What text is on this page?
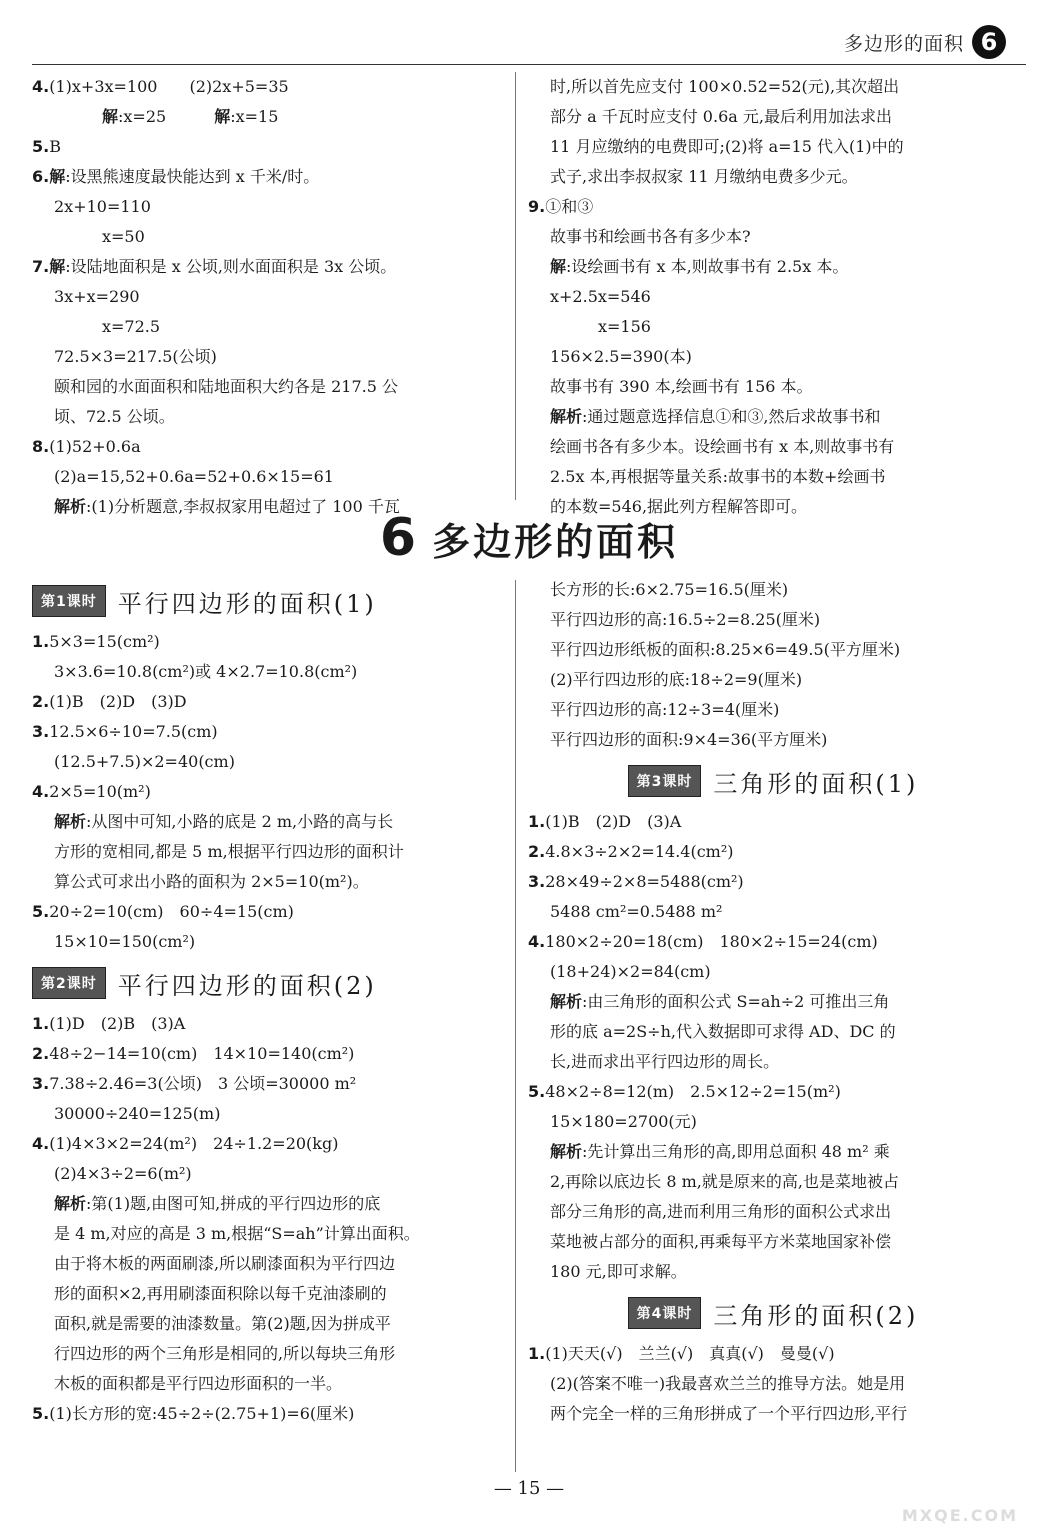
多边形的面积 6
4.(1)x+3x=100　　(2)2x+5=35
解:x=25　　　解:x=15
5.B
6.解:设黑熊速度最快能达到 x 千米/时。
2x+10=110
x=50
7.解:设陆地面积是 x 公顷,则水面面积是 3x 公顷。
3x+x=290
x=72.5
72.5×3=217.5(公顷)
颐和园的水面面积和陆地面积大约各是 217.5 公
顷、72.5 公顷。
8.(1)52+0.6a
(2)a=15,52+0.6a=52+0.6×15=61
解析:(1)分析题意,李叔叔家用电超过了 100 千瓦
时,所以首先应支付 100×0.52=52(元),其次超出
部分 a 千瓦时应支付 0.6a 元,最后利用加法求出
11 月应缴纳的电费即可;(2)将 a=15 代入(1)中的
式子,求出李叔叔家 11 月缴纳电费多少元。
9.①和③
故事书和绘画书各有多少本?
解:设绘画书有 x 本,则故事书有 2.5x 本。
x+2.5x=546
x=156
156×2.5=390(本)
故事书有 390 本,绘画书有 156 本。
解析:通过题意选择信息①和③,然后求故事书和
绘画书各有多少本。设绘画书有 x 本,则故事书有
2.5x 本,再根据等量关系:故事书的本数+绘画书
的本数=546,据此列方程解答即可。
6 多边形的面积
第1课时 平行四边形的面积(1)
1.5×3=15(cm²)
3×3.6=10.8(cm²)或 4×2.7=10.8(cm²)
2.(1)B　(2)D　(3)D
3.12.5×6÷10=7.5(cm)
(12.5+7.5)×2=40(cm)
4.2×5=10(m²)
解析:从图中可知,小路的底是 2 m,小路的高与长
方形的宽相同,都是 5 m,根据平行四边形的面积计
算公式可求出小路的面积为 2×5=10(m²)。
5.20÷2=10(cm)　60÷4=15(cm)
15×10=150(cm²)
第2课时 平行四边形的面积(2)
1.(1)D　(2)B　(3)A
2.48÷2−14=10(cm)　14×10=140(cm²)
3.7.38÷2.46=3(公顷)　3 公顷=30000 m²
30000÷240=125(m)
4.(1)4×3×2=24(m²)　24÷1.2=20(kg)
(2)4×3÷2=6(m²)
解析:第(1)题,由图可知,拼成的平行四边形的底
是 4 m,对应的高是 3 m,根据“S=ah”计算出面积。
由于将木板的两面刷漆,所以刷漆面积为平行四边
形的面积×2,再用刷漆面积除以每千克油漆刷的
面积,就是需要的油漆数量。第(2)题,因为拼成平
行四边形的两个三角形是相同的,所以每块三角形
木板的面积都是平行四边形面积的一半。
5.(1)长方形的宽:45÷2÷(2.75+1)=6(厘米)
长方形的长:6×2.75=16.5(厘米)
平行四边形的高:16.5÷2=8.25(厘米)
平行四边形纸板的面积:8.25×6=49.5(平方厘米)
(2)平行四边形的底:18÷2=9(厘米)
平行四边形的高:12÷3=4(厘米)
平行四边形的面积:9×4=36(平方厘米)
第3课时 三角形的面积(1)
1.(1)B　(2)D　(3)A
2.4.8×3÷2×2=14.4(cm²)
3.28×49÷2×8=5488(cm²)
5488 cm²=0.5488 m²
4.180×2÷20=18(cm)　180×2÷15=24(cm)
(18+24)×2=84(cm)
解析:由三角形的面积公式 S=ah÷2 可推出三角
形的底 a=2S÷h,代入数据即可求得 AD、DC 的
长,进而求出平行四边形的周长。
5.48×2÷8=12(m)　2.5×12÷2=15(m²)
15×180=2700(元)
解析:先计算出三角形的高,即用总面积 48 m² 乘
2,再除以底边长 8 m,就是原来的高,也是菜地被占
部分三角形的高,进而利用三角形的面积公式求出
菜地被占部分的面积,再乘每平方米菜地国家补偿
180 元,即可求解。
第4课时 三角形的面积(2)
1.(1)天天(√)　兰兰(√)　真真(√)　曼曼(√)
(2)(答案不唯一)我最喜欢兰兰的推导方法。她是用
两个完全一样的三角形拼成了一个平行四边形,平行
— 15 —
MXQE.COM
